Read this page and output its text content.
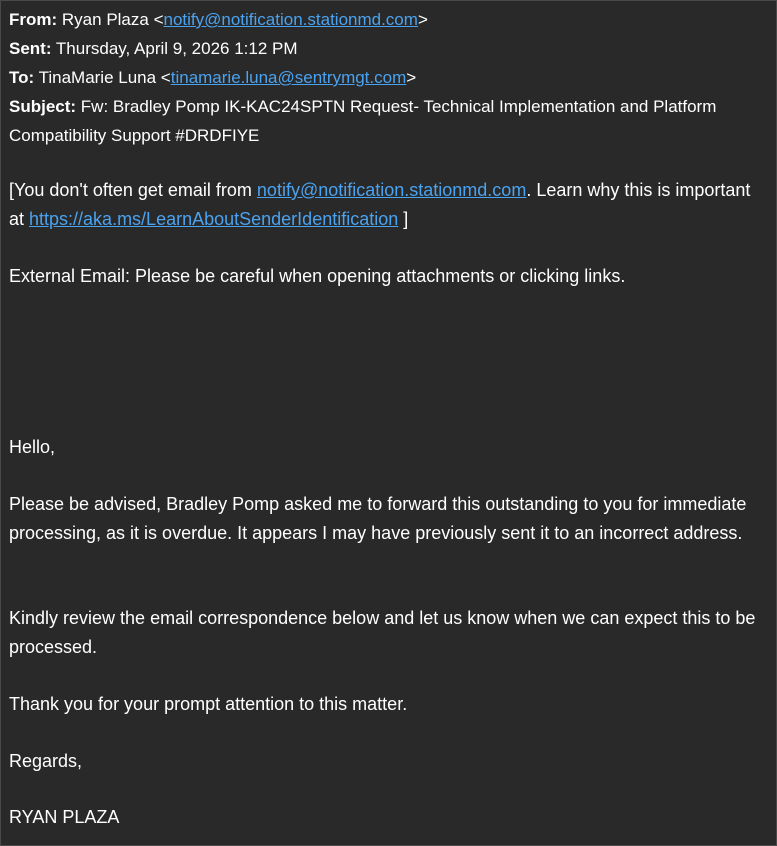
From: Ryan Plaza <notify@notification.stationmd.com>
Sent: Thursday, April 9, 2026 1:12 PM
To: TinaMarie Luna <tinamarie.luna@sentrymgt.com>
Subject: Fw: Bradley Pomp IK-KAC24SPTN Request- Technical Implementation and Platform Compatibility Support #DRDFIYE

[You don't often get email from notify@notification.stationmd.com. Learn why this is important at https://aka.ms/LearnAboutSenderIdentification ]

External Email: Please be careful when opening attachments or clicking links.

Hello,

Please be advised, Bradley Pomp asked me to forward this outstanding to you for immediate processing, as it is overdue. It appears I may have previously sent it to an incorrect address.

Kindly review the email correspondence below and let us know when we can expect this to be processed.

Thank you for your prompt attention to this matter.

Regards,

RYAN PLAZA
